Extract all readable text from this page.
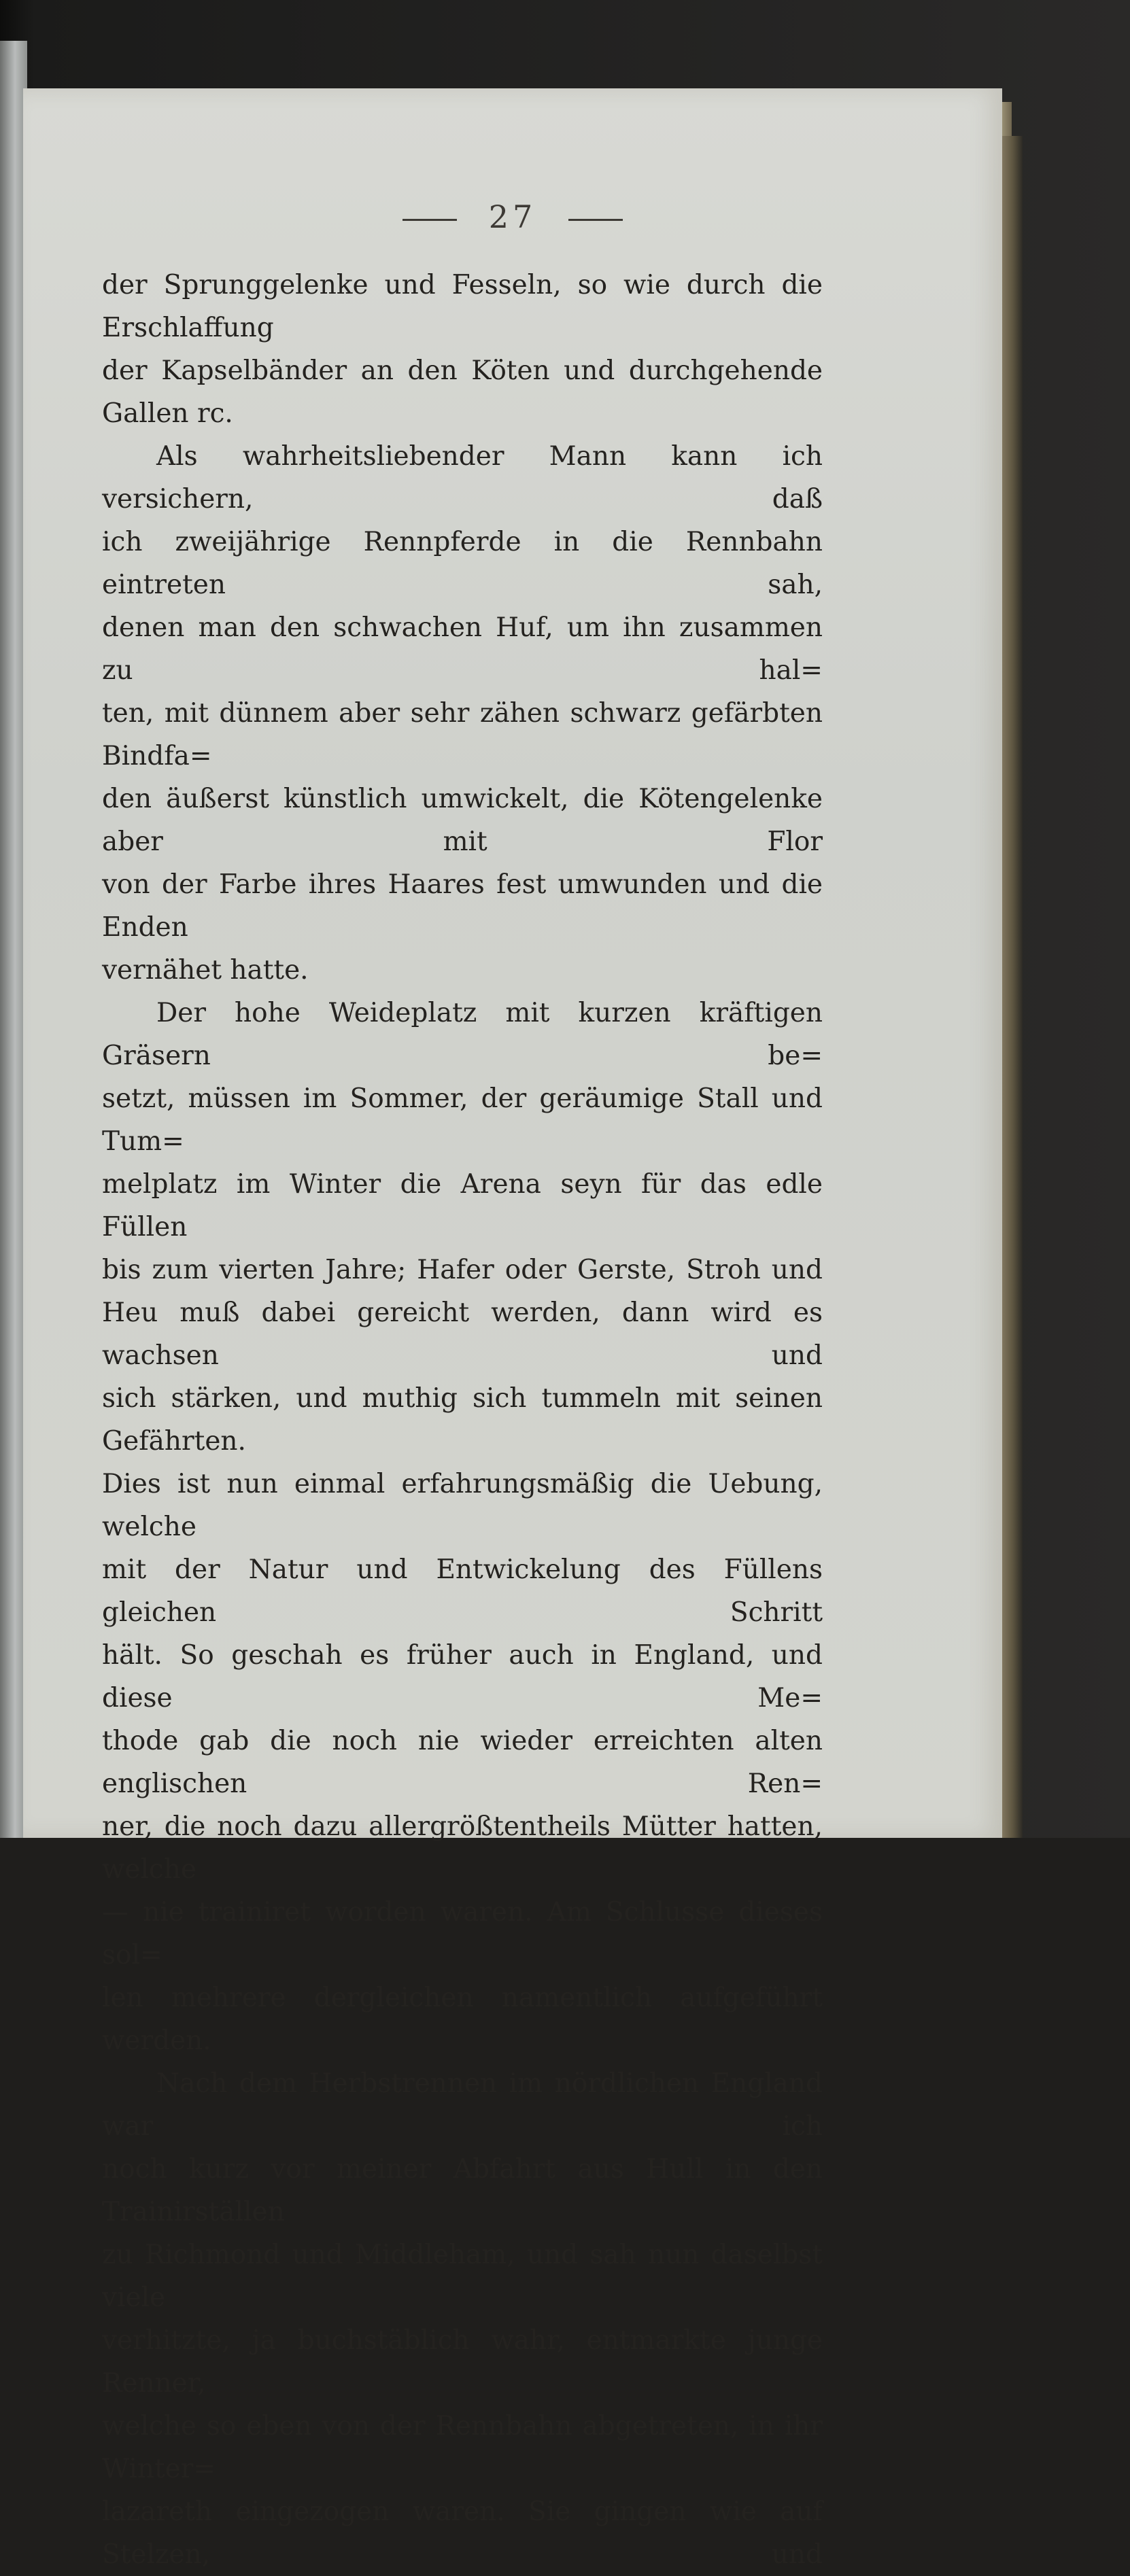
27

der Sprunggelenke und Fesseln, so wie durch die Erschlaffung

der Kapselbänder an den Köten und durchgehende Gallen rc.

Als wahrheitsliebender Mann kann ich versichern, daß

ich zweijährige Rennpferde in die Rennbahn eintreten sah,

denen man den schwachen Huf, um ihn zusammen zu hal=

ten, mit dünnem aber sehr zähen schwarz gefärbten Bindfa=

den äußerst künstlich umwickelt, die Kötengelenke aber mit Flor

von der Farbe ihres Haares fest umwunden und die Enden

vernähet hatte.

Der hohe Weideplatz mit kurzen kräftigen Gräsern be=

setzt, müssen im Sommer, der geräumige Stall und Tum=

melplatz im Winter die Arena seyn für das edle Füllen

bis zum vierten Jahre; Hafer oder Gerste, Stroh und

Heu muß dabei gereicht werden, dann wird es wachsen und

sich stärken, und muthig sich tummeln mit seinen Gefährten.

Dies ist nun einmal erfahrungsmäßig die Uebung, welche

mit der Natur und Entwickelung des Füllens gleichen Schritt

hält. So geschah es früher auch in England, und diese Me=

thode gab die noch nie wieder erreichten alten englischen Ren=

ner, die noch dazu allergrößtentheils Mütter hatten, welche

— nie trainiret worden waren. Am Schlusse dieses sol=

len mehrere dergleichen namentlich aufgeführt werden.

Nach dem Herbstrennen im nördlichen England war ich

noch kurz vor meiner Abfahrt aus Hull in den Trainirställen

zu Richmond und Middleham, und sah nun daselbst viele

verhitzte, ja buchstäblich wahr, entmarkte junge Renner,

welche so eben von der Rennbahn abgetreten, in ihr Winter=

lazareth eingezogen waren. Sie gingen wie auf Stelzen, und
